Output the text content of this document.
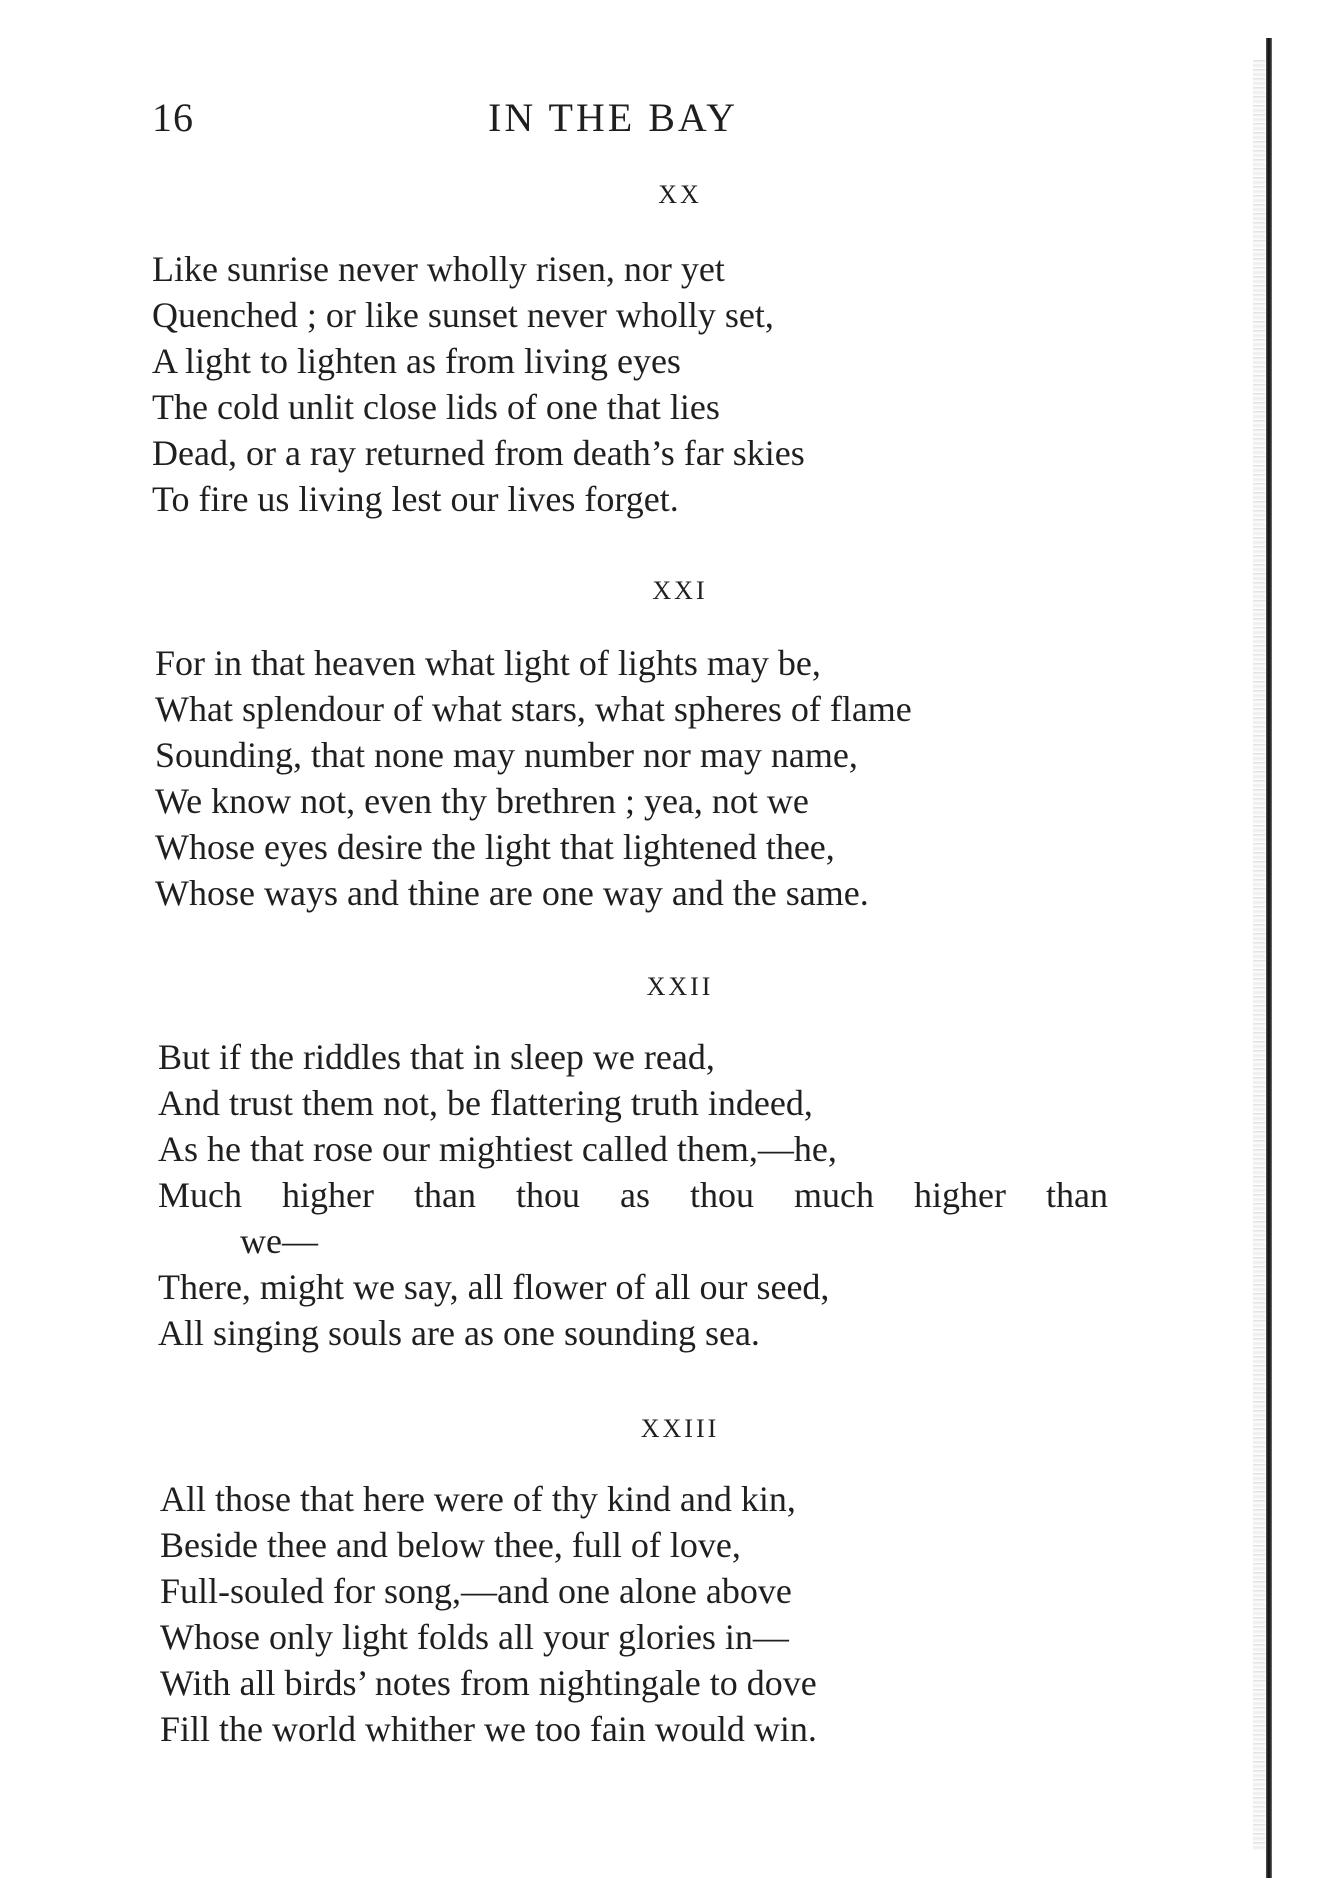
16	IN THE BAY
XX
Like sunrise never wholly risen, nor yet
Quenched ; or like sunset never wholly set,
A light to lighten as from living eyes
The cold unlit close lids of one that lies
Dead, or a ray returned from death’s far skies
To fire us living lest our lives forget.
XXI
For in that heaven what light of lights may be,
What splendour of what stars, what spheres of flame
Sounding, that none may number nor may name,
We know not, even thy brethren ; yea, not we
Whose eyes desire the light that lightened thee,
Whose ways and thine are one way and the same.
XXII
But if the riddles that in sleep we read,
And trust them not, be flattering truth indeed,
As he that rose our mightiest called them,—he,
Much higher than thou as thou much higher than
we—
There, might we say, all flower of all our seed,
All singing souls are as one sounding sea.
XXIII
All those that here were of thy kind and kin,
Beside thee and below thee, full of love,
Full-souled for song,—and one alone above
Whose only light folds all your glories in—
With all birds’ notes from nightingale to dove
Fill the world whither we too fain would win.
